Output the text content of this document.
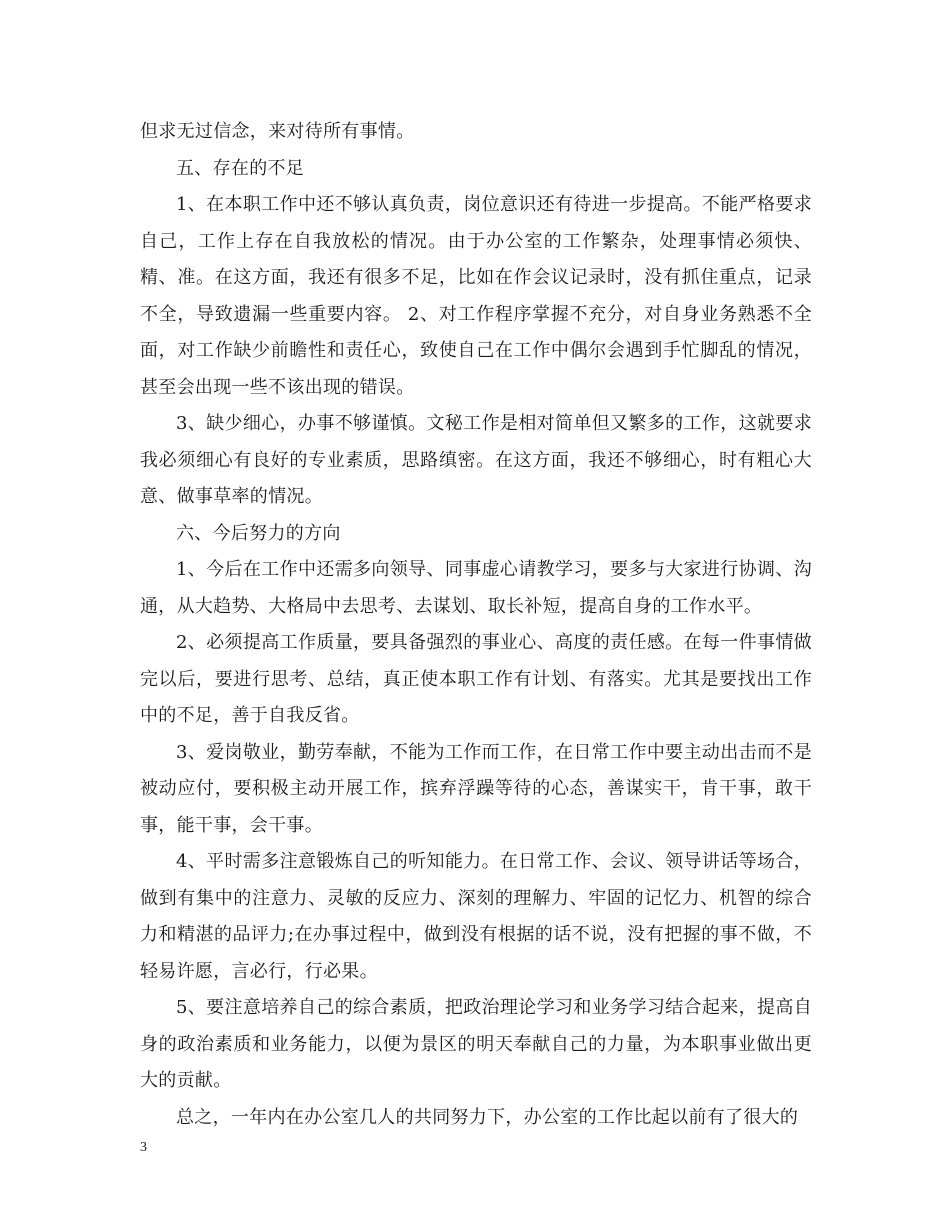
但求无过信念，来对待所有事情。

五、存在的不足

1、在本职工作中还不够认真负责，岗位意识还有待进一步提高。不能严格要求自己，工作上存在自我放松的情况。由于办公室的工作繁杂，处理事情必须快、精、准。在这方面，我还有很多不足，比如在作会议记录时，没有抓住重点，记录不全，导致遗漏一些重要内容。 2、对工作程序掌握不充分，对自身业务熟悉不全面，对工作缺少前瞻性和责任心，致使自己在工作中偶尔会遇到手忙脚乱的情况，甚至会出现一些不该出现的错误。

3、缺少细心，办事不够谨慎。文秘工作是相对简单但又繁多的工作，这就要求我必须细心有良好的专业素质，思路缜密。在这方面，我还不够细心，时有粗心大意、做事草率的情况。

六、今后努力的方向

1、今后在工作中还需多向领导、同事虚心请教学习，要多与大家进行协调、沟通，从大趋势、大格局中去思考、去谋划、取长补短，提高自身的工作水平。

2、必须提高工作质量，要具备强烈的事业心、高度的责任感。在每一件事情做完以后，要进行思考、总结，真正使本职工作有计划、有落实。尤其是要找出工作中的不足，善于自我反省。

3、爱岗敬业，勤劳奉献，不能为工作而工作，在日常工作中要主动出击而不是被动应付，要积极主动开展工作，摈弃浮躁等待的心态，善谋实干，肯干事，敢干事，能干事，会干事。

4、平时需多注意锻炼自己的听知能力。在日常工作、会议、领导讲话等场合，做到有集中的注意力、灵敏的反应力、深刻的理解力、牢固的记忆力、机智的综合力和精湛的品评力;在办事过程中，做到没有根据的话不说，没有把握的事不做，不轻易许愿，言必行，行必果。

5、要注意培养自己的综合素质，把政治理论学习和业务学习结合起来，提高自身的政治素质和业务能力，以便为景区的明天奉献自己的力量，为本职事业做出更大的贡献。

总之，一年内在办公室几人的共同努力下，办公室的工作比起以前有了很大的

3
